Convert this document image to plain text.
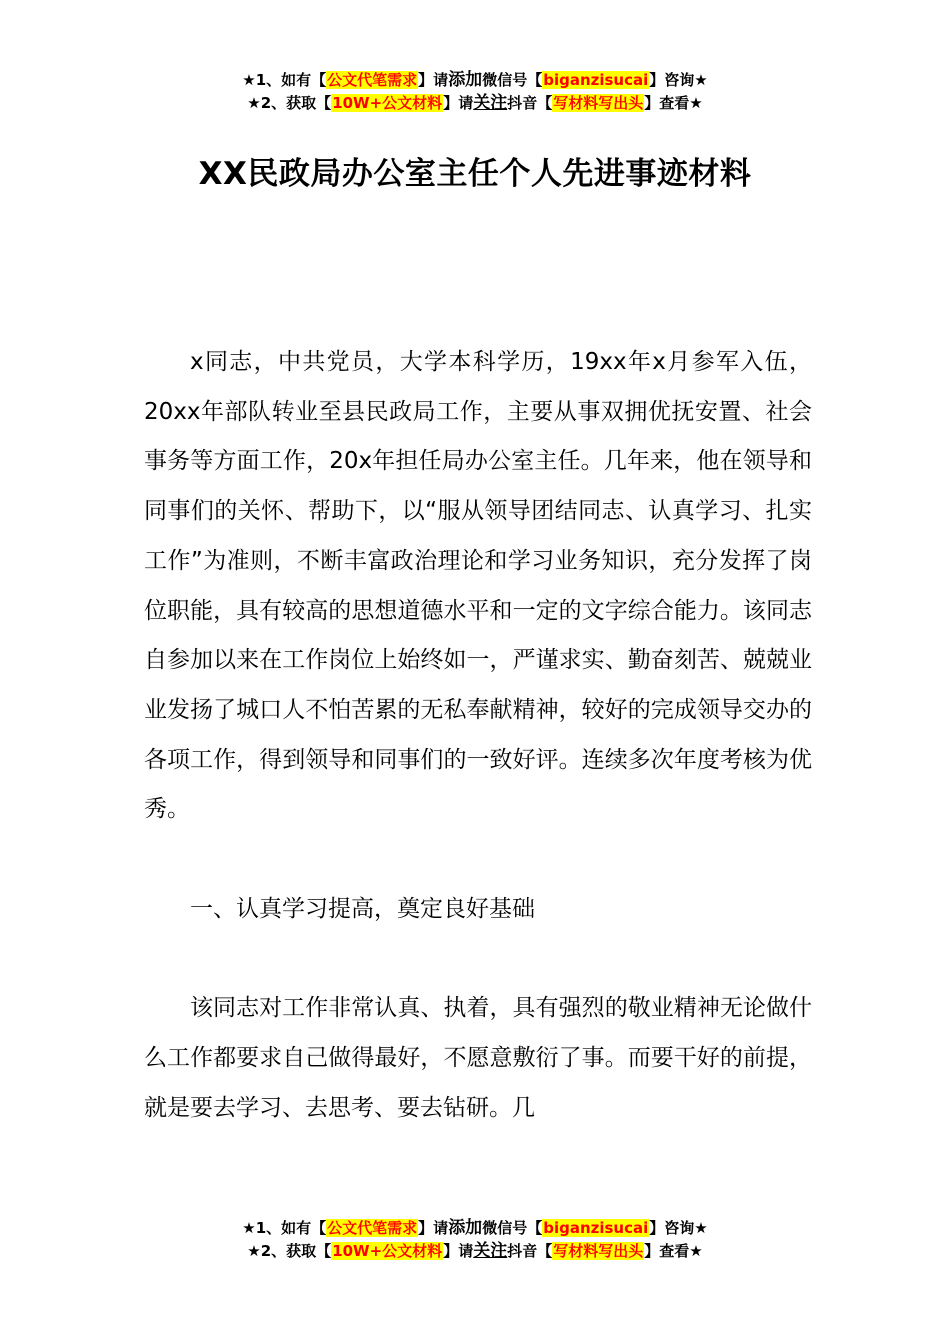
★1、如有【公文代笔需求】请添加微信号【biganzisucai】咨询★
★2、获取【10W+公文材料】请关注抖音【写材料写出头】查看★
XX民政局办公室主任个人先进事迹材料

x同志，中共党员，大学本科学历，19xx年x月参军入伍，20xx年部队转业至县民政局工作，主要从事双拥优抚安置、社会事务等方面工作，20x年担任局办公室主任。几年来，他在领导和同事们的关怀、帮助下，以“服从领导团结同志、认真学习、扎实工作”为准则，不断丰富政治理论和学习业务知识，充分发挥了岗位职能，具有较高的思想道德水平和一定的文字综合能力。该同志自参加以来在工作岗位上始终如一，严谨求实、勤奋刻苦、兢兢业业发扬了城口人不怕苦累的无私奉献精神，较好的完成领导交办的各项工作，得到领导和同事们的一致好评。连续多次年度考核为优秀。

一、认真学习提高，奠定良好基础

该同志对工作非常认真、执着，具有强烈的敬业精神无论做什么工作都要求自己做得最好，不愿意敷衍了事。而要干好的前提，就是要去学习、去思考、要去钻研。几

★1、如有【公文代笔需求】请添加微信号【biganzisucai】咨询★
★2、获取【10W+公文材料】请关注抖音【写材料写出头】查看★
